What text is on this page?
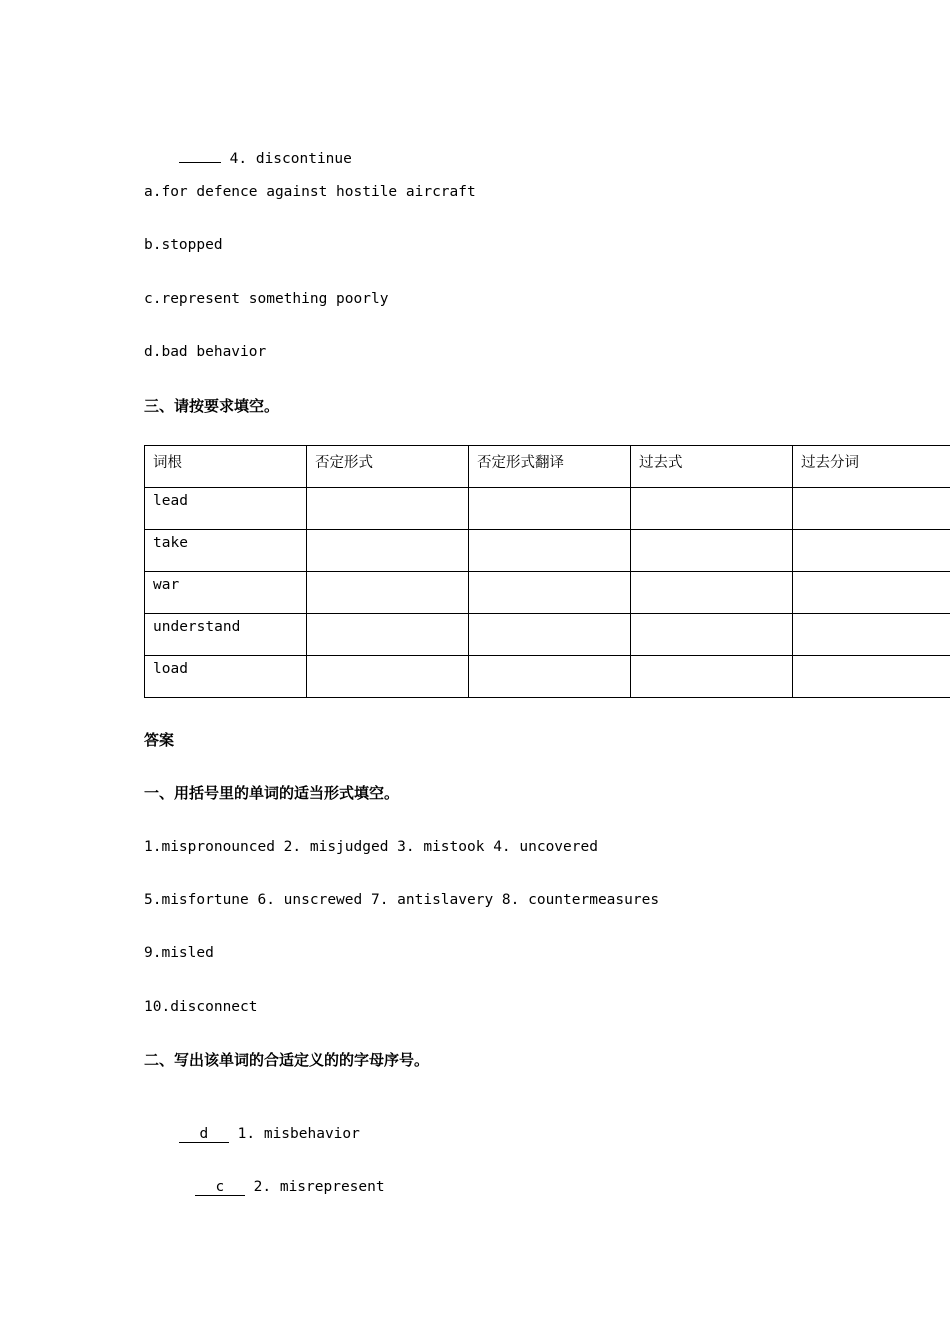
4. discontinue

a.for defence against hostile aircraft
b.stopped
c.represent something poorly
d.bad behavior
三、请按要求填空。
词根	否定形式	否定形式翻译	过去式	过去分词
lead				
take				
war				
understand				
load				
答案
一、用括号里的单词的适当形式填空。
1.mispronounced 2. misjudged 3. mistook 4. uncovered
5.misfortune 6. unscrewed 7. antislavery 8. countermeasures
9.misled
10.disconnect
二、写出该单词的合适定义的的字母序号。

d 1. misbehavior

c 2. misrepresent
